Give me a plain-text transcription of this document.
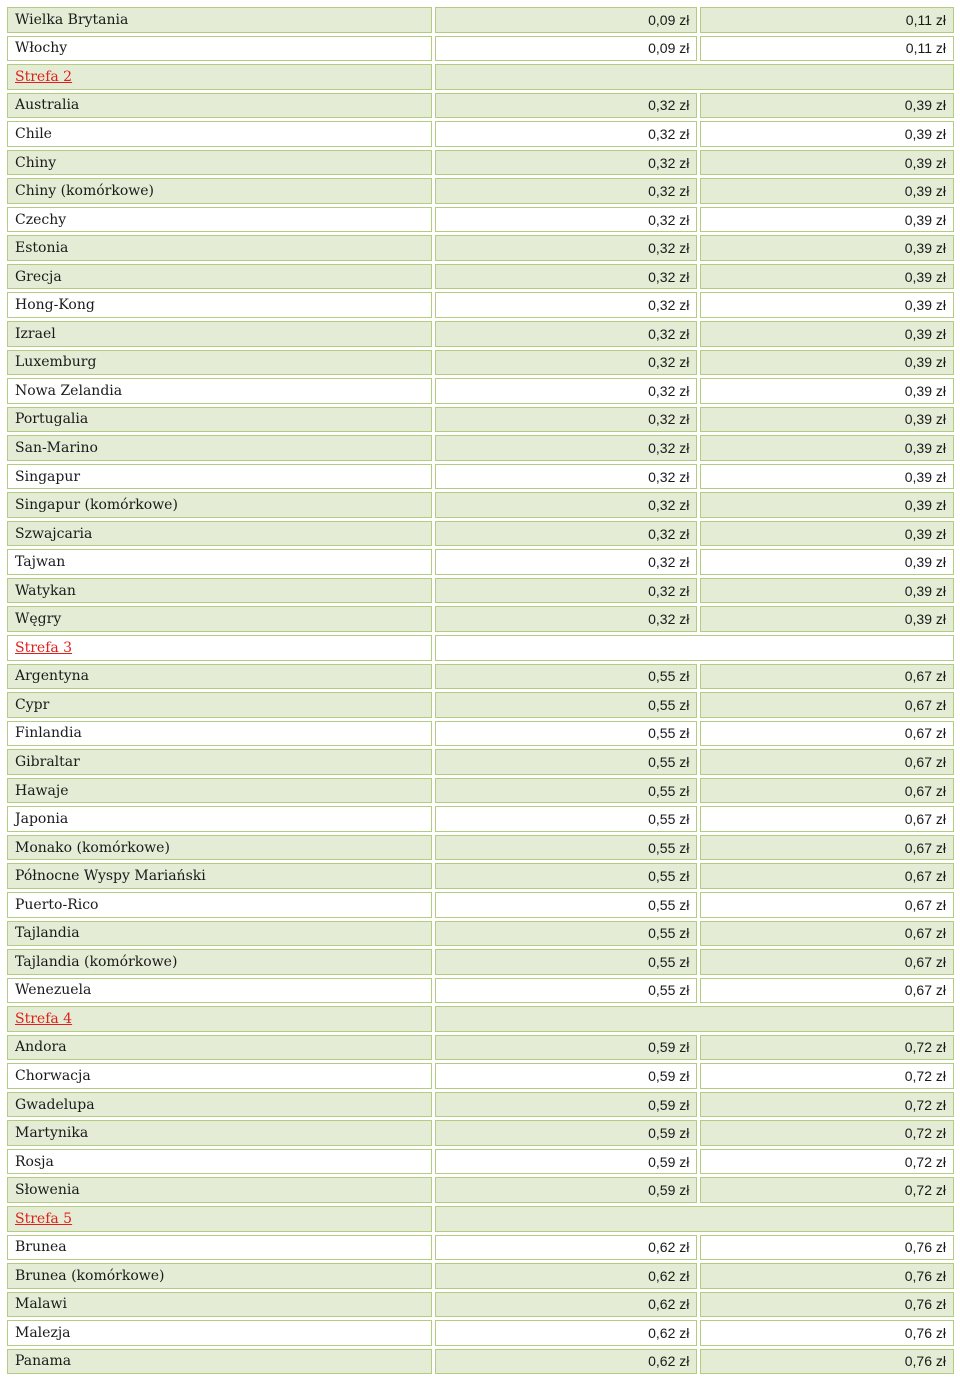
Wielka Brytania	0,09 zł	0,11 zł
Włochy	0,09 zł	0,11 zł
Strefa 2		
Australia	0,32 zł	0,39 zł
Chile	0,32 zł	0,39 zł
Chiny	0,32 zł	0,39 zł
Chiny (komórkowe)	0,32 zł	0,39 zł
Czechy	0,32 zł	0,39 zł
Estonia	0,32 zł	0,39 zł
Grecja	0,32 zł	0,39 zł
Hong-Kong	0,32 zł	0,39 zł
Izrael	0,32 zł	0,39 zł
Luxemburg	0,32 zł	0,39 zł
Nowa Zelandia	0,32 zł	0,39 zł
Portugalia	0,32 zł	0,39 zł
San-Marino	0,32 zł	0,39 zł
Singapur	0,32 zł	0,39 zł
Singapur (komórkowe)	0,32 zł	0,39 zł
Szwajcaria	0,32 zł	0,39 zł
Tajwan	0,32 zł	0,39 zł
Watykan	0,32 zł	0,39 zł
Węgry	0,32 zł	0,39 zł
Strefa 3		
Argentyna	0,55 zł	0,67 zł
Cypr	0,55 zł	0,67 zł
Finlandia	0,55 zł	0,67 zł
Gibraltar	0,55 zł	0,67 zł
Hawaje	0,55 zł	0,67 zł
Japonia	0,55 zł	0,67 zł
Monako (komórkowe)	0,55 zł	0,67 zł
Północne Wyspy Mariański	0,55 zł	0,67 zł
Puerto-Rico	0,55 zł	0,67 zł
Tajlandia	0,55 zł	0,67 zł
Tajlandia (komórkowe)	0,55 zł	0,67 zł
Wenezuela	0,55 zł	0,67 zł
Strefa 4		
Andora	0,59 zł	0,72 zł
Chorwacja	0,59 zł	0,72 zł
Gwadelupa	0,59 zł	0,72 zł
Martynika	0,59 zł	0,72 zł
Rosja	0,59 zł	0,72 zł
Słowenia	0,59 zł	0,72 zł
Strefa 5		
Brunea	0,62 zł	0,76 zł
Brunea (komórkowe)	0,62 zł	0,76 zł
Malawi	0,62 zł	0,76 zł
Malezja	0,62 zł	0,76 zł
Panama	0,62 zł	0,76 zł
